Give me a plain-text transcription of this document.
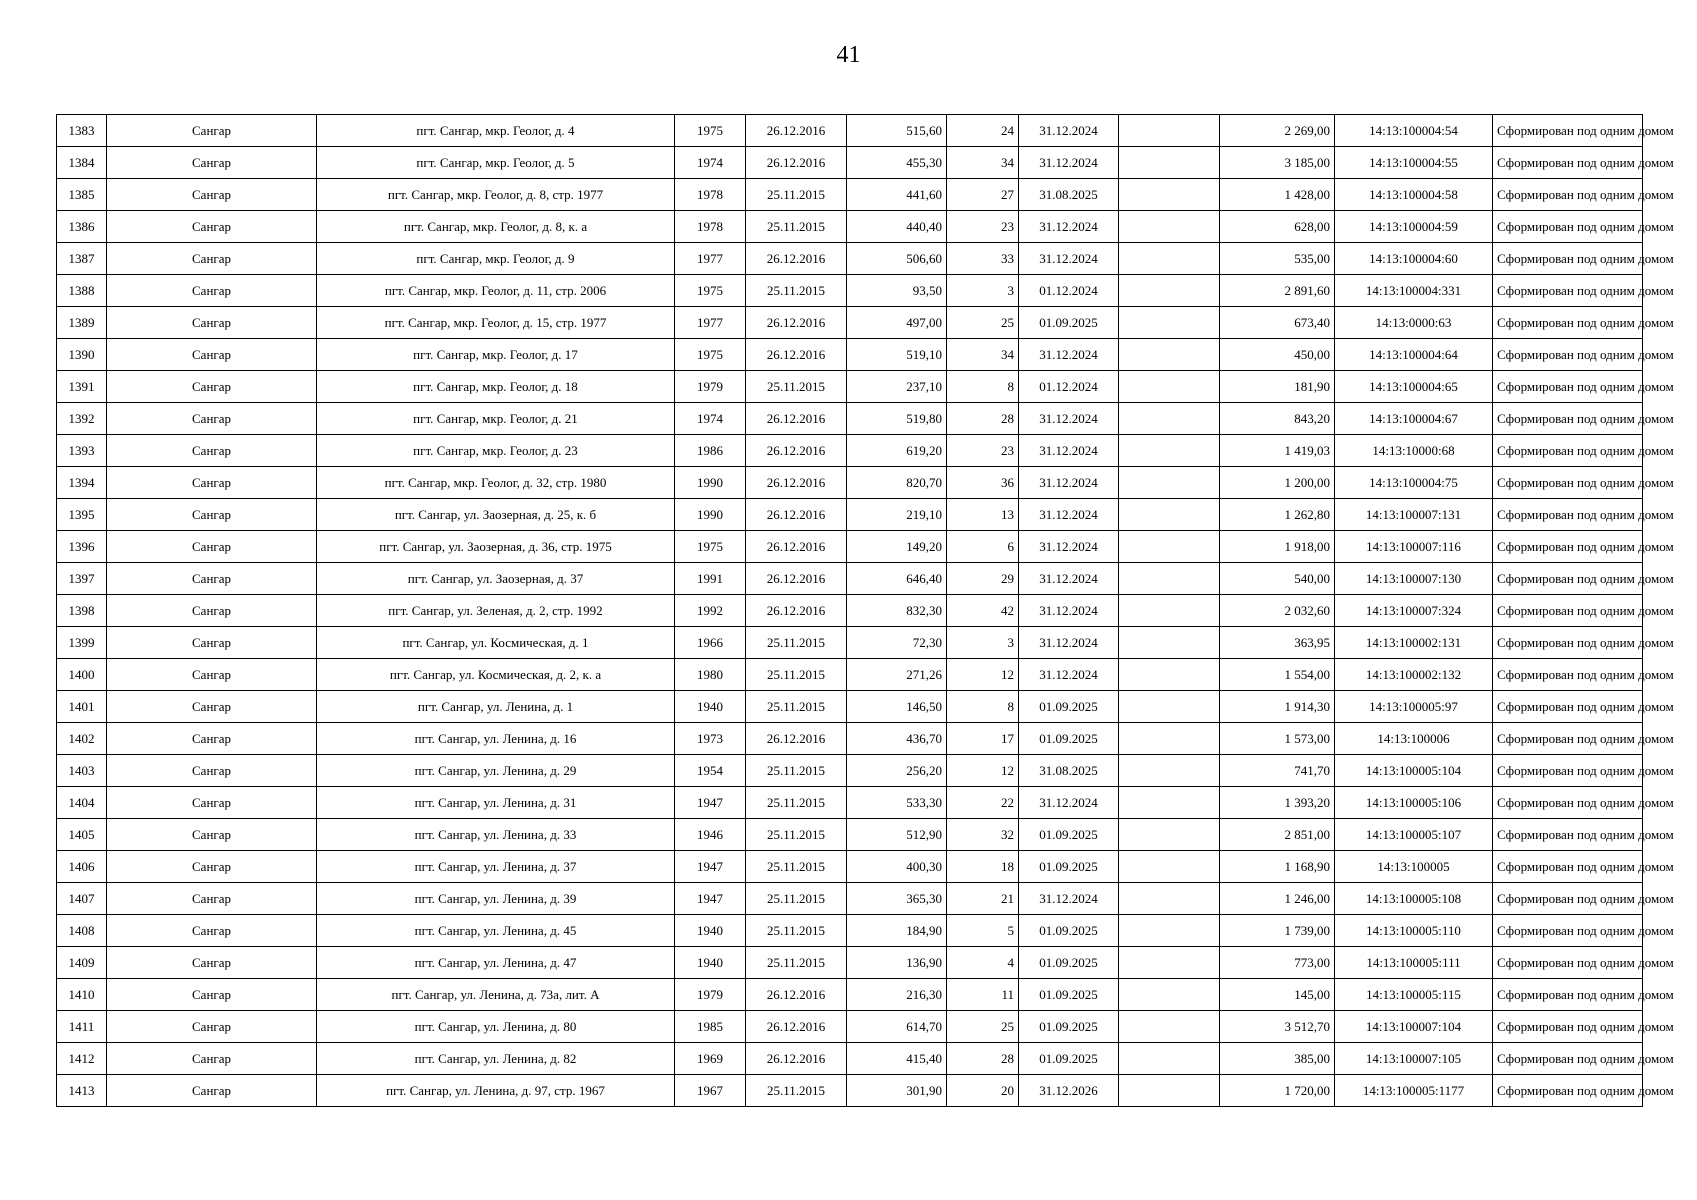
41
1383	Сангар	пгт. Сангар, мкр. Геолог, д. 4	1975	26.12.2016	515,60	24	31.12.2024		2 269,00	14:13:100004:54	Сформирован под одним домом
1384	Сангар	пгт. Сангар, мкр. Геолог, д. 5	1974	26.12.2016	455,30	34	31.12.2024		3 185,00	14:13:100004:55	Сформирован под одним домом
1385	Сангар	пгт. Сангар, мкр. Геолог, д. 8, стр. 1977	1978	25.11.2015	441,60	27	31.08.2025		1 428,00	14:13:100004:58	Сформирован под одним домом
1386	Сангар	пгт. Сангар, мкр. Геолог, д. 8, к. а	1978	25.11.2015	440,40	23	31.12.2024		628,00	14:13:100004:59	Сформирован под одним домом
1387	Сангар	пгт. Сангар, мкр. Геолог, д. 9	1977	26.12.2016	506,60	33	31.12.2024		535,00	14:13:100004:60	Сформирован под одним домом
1388	Сангар	пгт. Сангар, мкр. Геолог, д. 11, стр. 2006	1975	25.11.2015	93,50	3	01.12.2024		2 891,60	14:13:100004:331	Сформирован под одним домом
1389	Сангар	пгт. Сангар, мкр. Геолог, д. 15, стр. 1977	1977	26.12.2016	497,00	25	01.09.2025		673,40	14:13:0000:63	Сформирован под одним домом
1390	Сангар	пгт. Сангар, мкр. Геолог, д. 17	1975	26.12.2016	519,10	34	31.12.2024		450,00	14:13:100004:64	Сформирован под одним домом
1391	Сангар	пгт. Сангар, мкр. Геолог, д. 18	1979	25.11.2015	237,10	8	01.12.2024		181,90	14:13:100004:65	Сформирован под одним домом
1392	Сангар	пгт. Сангар, мкр. Геолог, д. 21	1974	26.12.2016	519,80	28	31.12.2024		843,20	14:13:100004:67	Сформирован под одним домом
1393	Сангар	пгт. Сангар, мкр. Геолог, д. 23	1986	26.12.2016	619,20	23	31.12.2024		1 419,03	14:13:10000:68	Сформирован под одним домом
1394	Сангар	пгт. Сангар, мкр. Геолог, д. 32, стр. 1980	1990	26.12.2016	820,70	36	31.12.2024		1 200,00	14:13:100004:75	Сформирован под одним домом
1395	Сангар	пгт. Сангар, ул. Заозерная, д. 25, к. б	1990	26.12.2016	219,10	13	31.12.2024		1 262,80	14:13:100007:131	Сформирован под одним домом
1396	Сангар	пгт. Сангар, ул. Заозерная, д. 36, стр. 1975	1975	26.12.2016	149,20	6	31.12.2024		1 918,00	14:13:100007:116	Сформирован под одним домом
1397	Сангар	пгт. Сангар, ул. Заозерная, д. 37	1991	26.12.2016	646,40	29	31.12.2024		540,00	14:13:100007:130	Сформирован под одним домом
1398	Сангар	пгт. Сангар, ул. Зеленая, д. 2, стр. 1992	1992	26.12.2016	832,30	42	31.12.2024		2 032,60	14:13:100007:324	Сформирован под одним домом
1399	Сангар	пгт. Сангар, ул. Космическая, д. 1	1966	25.11.2015	72,30	3	31.12.2024		363,95	14:13:100002:131	Сформирован под одним домом
1400	Сангар	пгт. Сангар, ул. Космическая, д. 2, к. а	1980	25.11.2015	271,26	12	31.12.2024		1 554,00	14:13:100002:132	Сформирован под одним домом
1401	Сангар	пгт. Сангар, ул. Ленина, д. 1	1940	25.11.2015	146,50	8	01.09.2025		1 914,30	14:13:100005:97	Сформирован под одним домом
1402	Сангар	пгт. Сангар, ул. Ленина, д. 16	1973	26.12.2016	436,70	17	01.09.2025		1 573,00	14:13:100006	Сформирован под одним домом
1403	Сангар	пгт. Сангар, ул. Ленина, д. 29	1954	25.11.2015	256,20	12	31.08.2025		741,70	14:13:100005:104	Сформирован под одним домом
1404	Сангар	пгт. Сангар, ул. Ленина, д. 31	1947	25.11.2015	533,30	22	31.12.2024		1 393,20	14:13:100005:106	Сформирован под одним домом
1405	Сангар	пгт. Сангар, ул. Ленина, д. 33	1946	25.11.2015	512,90	32	01.09.2025		2 851,00	14:13:100005:107	Сформирован под одним домом
1406	Сангар	пгт. Сангар, ул. Ленина, д. 37	1947	25.11.2015	400,30	18	01.09.2025		1 168,90	14:13:100005	Сформирован под одним домом
1407	Сангар	пгт. Сангар, ул. Ленина, д. 39	1947	25.11.2015	365,30	21	31.12.2024		1 246,00	14:13:100005:108	Сформирован под одним домом
1408	Сангар	пгт. Сангар, ул. Ленина, д. 45	1940	25.11.2015	184,90	5	01.09.2025		1 739,00	14:13:100005:110	Сформирован под одним домом
1409	Сангар	пгт. Сангар, ул. Ленина, д. 47	1940	25.11.2015	136,90	4	01.09.2025		773,00	14:13:100005:111	Сформирован под одним домом
1410	Сангар	пгт. Сангар, ул. Ленина, д. 73а, лит. А	1979	26.12.2016	216,30	11	01.09.2025		145,00	14:13:100005:115	Сформирован под одним домом
1411	Сангар	пгт. Сангар, ул. Ленина, д. 80	1985	26.12.2016	614,70	25	01.09.2025		3 512,70	14:13:100007:104	Сформирован под одним домом
1412	Сангар	пгт. Сангар, ул. Ленина, д. 82	1969	26.12.2016	415,40	28	01.09.2025		385,00	14:13:100007:105	Сформирован под одним домом
1413	Сангар	пгт. Сангар, ул. Ленина, д. 97, стр. 1967	1967	25.11.2015	301,90	20	31.12.2026		1 720,00	14:13:100005:1177	Сформирован под одним домом
